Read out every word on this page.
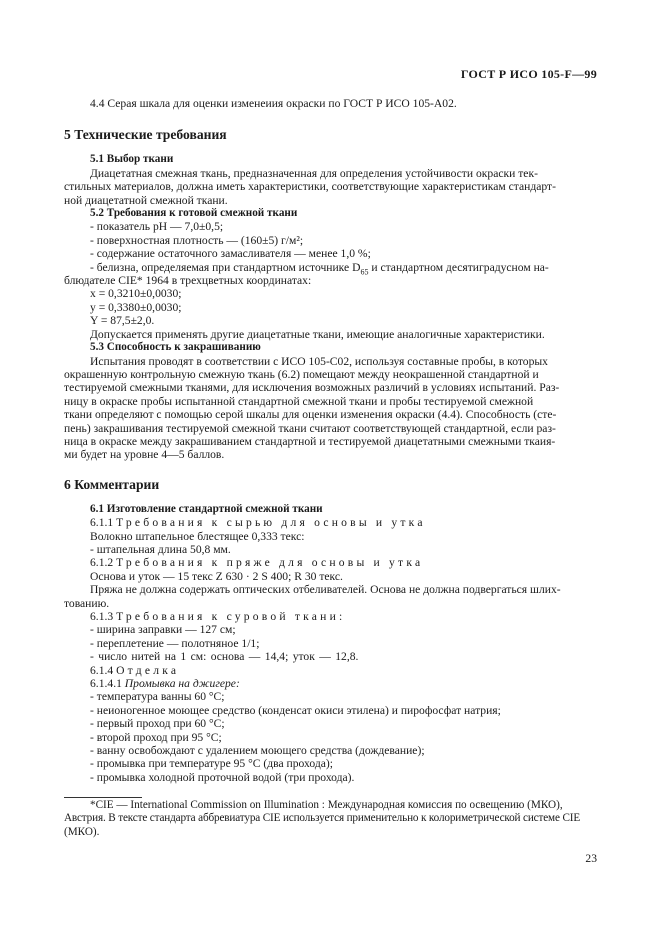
ГОСТ Р ИСО 105-F—99

4.4 Серая шкала для оценки изменеиия окраски по ГОСТ Р ИСО 105-А02.

5 Технические требования
5.1 Выбор ткани

Диацетатная смежная ткань, предназначенная для определения устойчивости окраски тек-

стильных материалов, должна иметь характеристики, соответствующие характеристикам стандарт-

ной диацетатной смежной ткани.

5.2 Требования к готовой смежной ткани

- показатель pH — 7,0±0,5;

- поверхностная плотность — (160±5) г/м²;

- содержание остаточного замасливателя — менее 1,0 %;

- белизна, определяемая при стандартном источнике $D_{65}$ и стандартном десятиградусном на-

блюдателе CIE* 1964 в трехцветных координатах:

x = 0,3210±0,0030;

y = 0,3380±0,0030;

Y = 87,5±2,0.

Допускается применять другие диацетатные ткани, имеющие аналогичные характеристики.

5.3 Способность к закрашиванию

Испытания проводят в соответствии с ИСО 105-С02, используя составные пробы, в которых

окрашенную контрольную смежную ткань (6.2) помещают между неокрашенной стандартной и

тестируемой смежными тканями, для исключения возможных различий в условиях испытаний. Раз-

ницу в окраске пробы испытанной стандартной смежной ткани и пробы тестируемой смежной

ткани определяют с помощью серой шкалы для оценки изменения окраски (4.4). Способность (сте-

пень) закрашивания тестируемой смежной ткани считают соответствующей стандартной, если раз-

ница в окраске между закрашиванием стандартной и тестируемой диацетатными смежными ткаия-

ми будет на уровне 4—5 баллов.

6 Комментарии
6.1 Изготовление стандартной смежной ткани

6.1.1 Требования к сырью для основы и утка

Волокно штапельное блестящее 0,333 текс:

- штапельная длина 50,8 мм.

6.1.2 Требования к пряже для основы и утка

Основа и уток — 15 текс Z 630 · 2 S 400; R 30 текс.

Пряжа не должна содержать оптических отбеливателей. Основа не должна подвергаться шлих-

тованию.

6.1.3 Требования к суровой ткани:

- ширина заправки — 127 см;

- переплетение — полотняное 1/1;

- число нитей на 1 см: основа — 14,4; уток — 12,8.

6.1.4 Отделка

6.1.4.1 Промывка на джигере:

- температура ванны 60 °С;

- неионогенное моющее средство (конденсат окиси этилена) и пирофосфат натрия;

- первый проход при 60 °С;

- второй проход при 95 °С;

- ванну освобождают с удалением моющего средства (дождевание);

- промывка при температуре 95 °С (два прохода);

- промывка холодной проточной водой (три прохода).

*CIE — International Commission on Illumination : Международная комиссия по освещению (МКО),

Австрия. В тексте стандарта аббревиатура CIE используется применительно к колориметрической системе CIE

(МКО).

23
